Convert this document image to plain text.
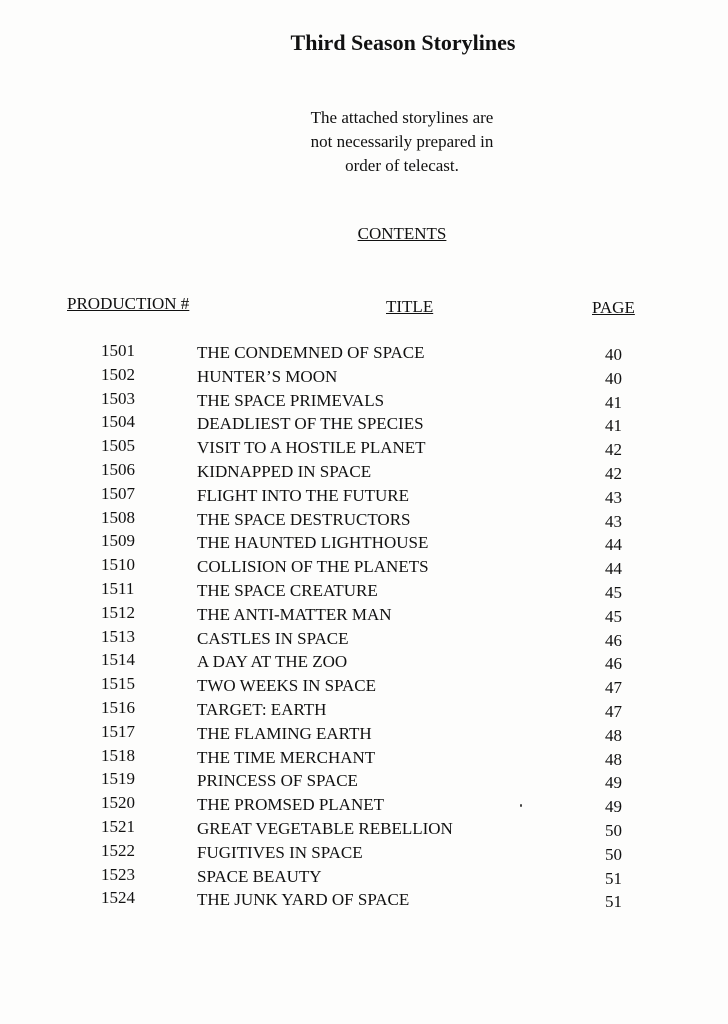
Third Season Storylines
The attached storylines are
not necessarily prepared in
order of telecast.
CONTENTS
PRODUCTION #	TITLE	PAGE
1501	THE CONDEMNED OF SPACE	40
1502	HUNTER’S MOON	40
1503	THE SPACE PRIMEVALS	41
1504	DEADLIEST OF THE SPECIES	41
1505	VISIT TO A HOSTILE PLANET	42
1506	KIDNAPPED IN SPACE	42
1507	FLIGHT INTO THE FUTURE	43
1508	THE SPACE DESTRUCTORS	43
1509	THE HAUNTED LIGHTHOUSE	44
1510	COLLISION OF THE PLANETS	44
1511	THE SPACE CREATURE	45
1512	THE ANTI-MATTER MAN	45
1513	CASTLES IN SPACE	46
1514	A DAY AT THE ZOO	46
1515	TWO WEEKS IN SPACE	47
1516	TARGET: EARTH	47
1517	THE FLAMING EARTH	48
1518	THE TIME MERCHANT	48
1519	PRINCESS OF SPACE	49
1520	THE PROMSED PLANET	49
1521	GREAT VEGETABLE REBELLION	50
1522	FUGITIVES IN SPACE	50
1523	SPACE BEAUTY	51
1524	THE JUNK YARD OF SPACE	51
